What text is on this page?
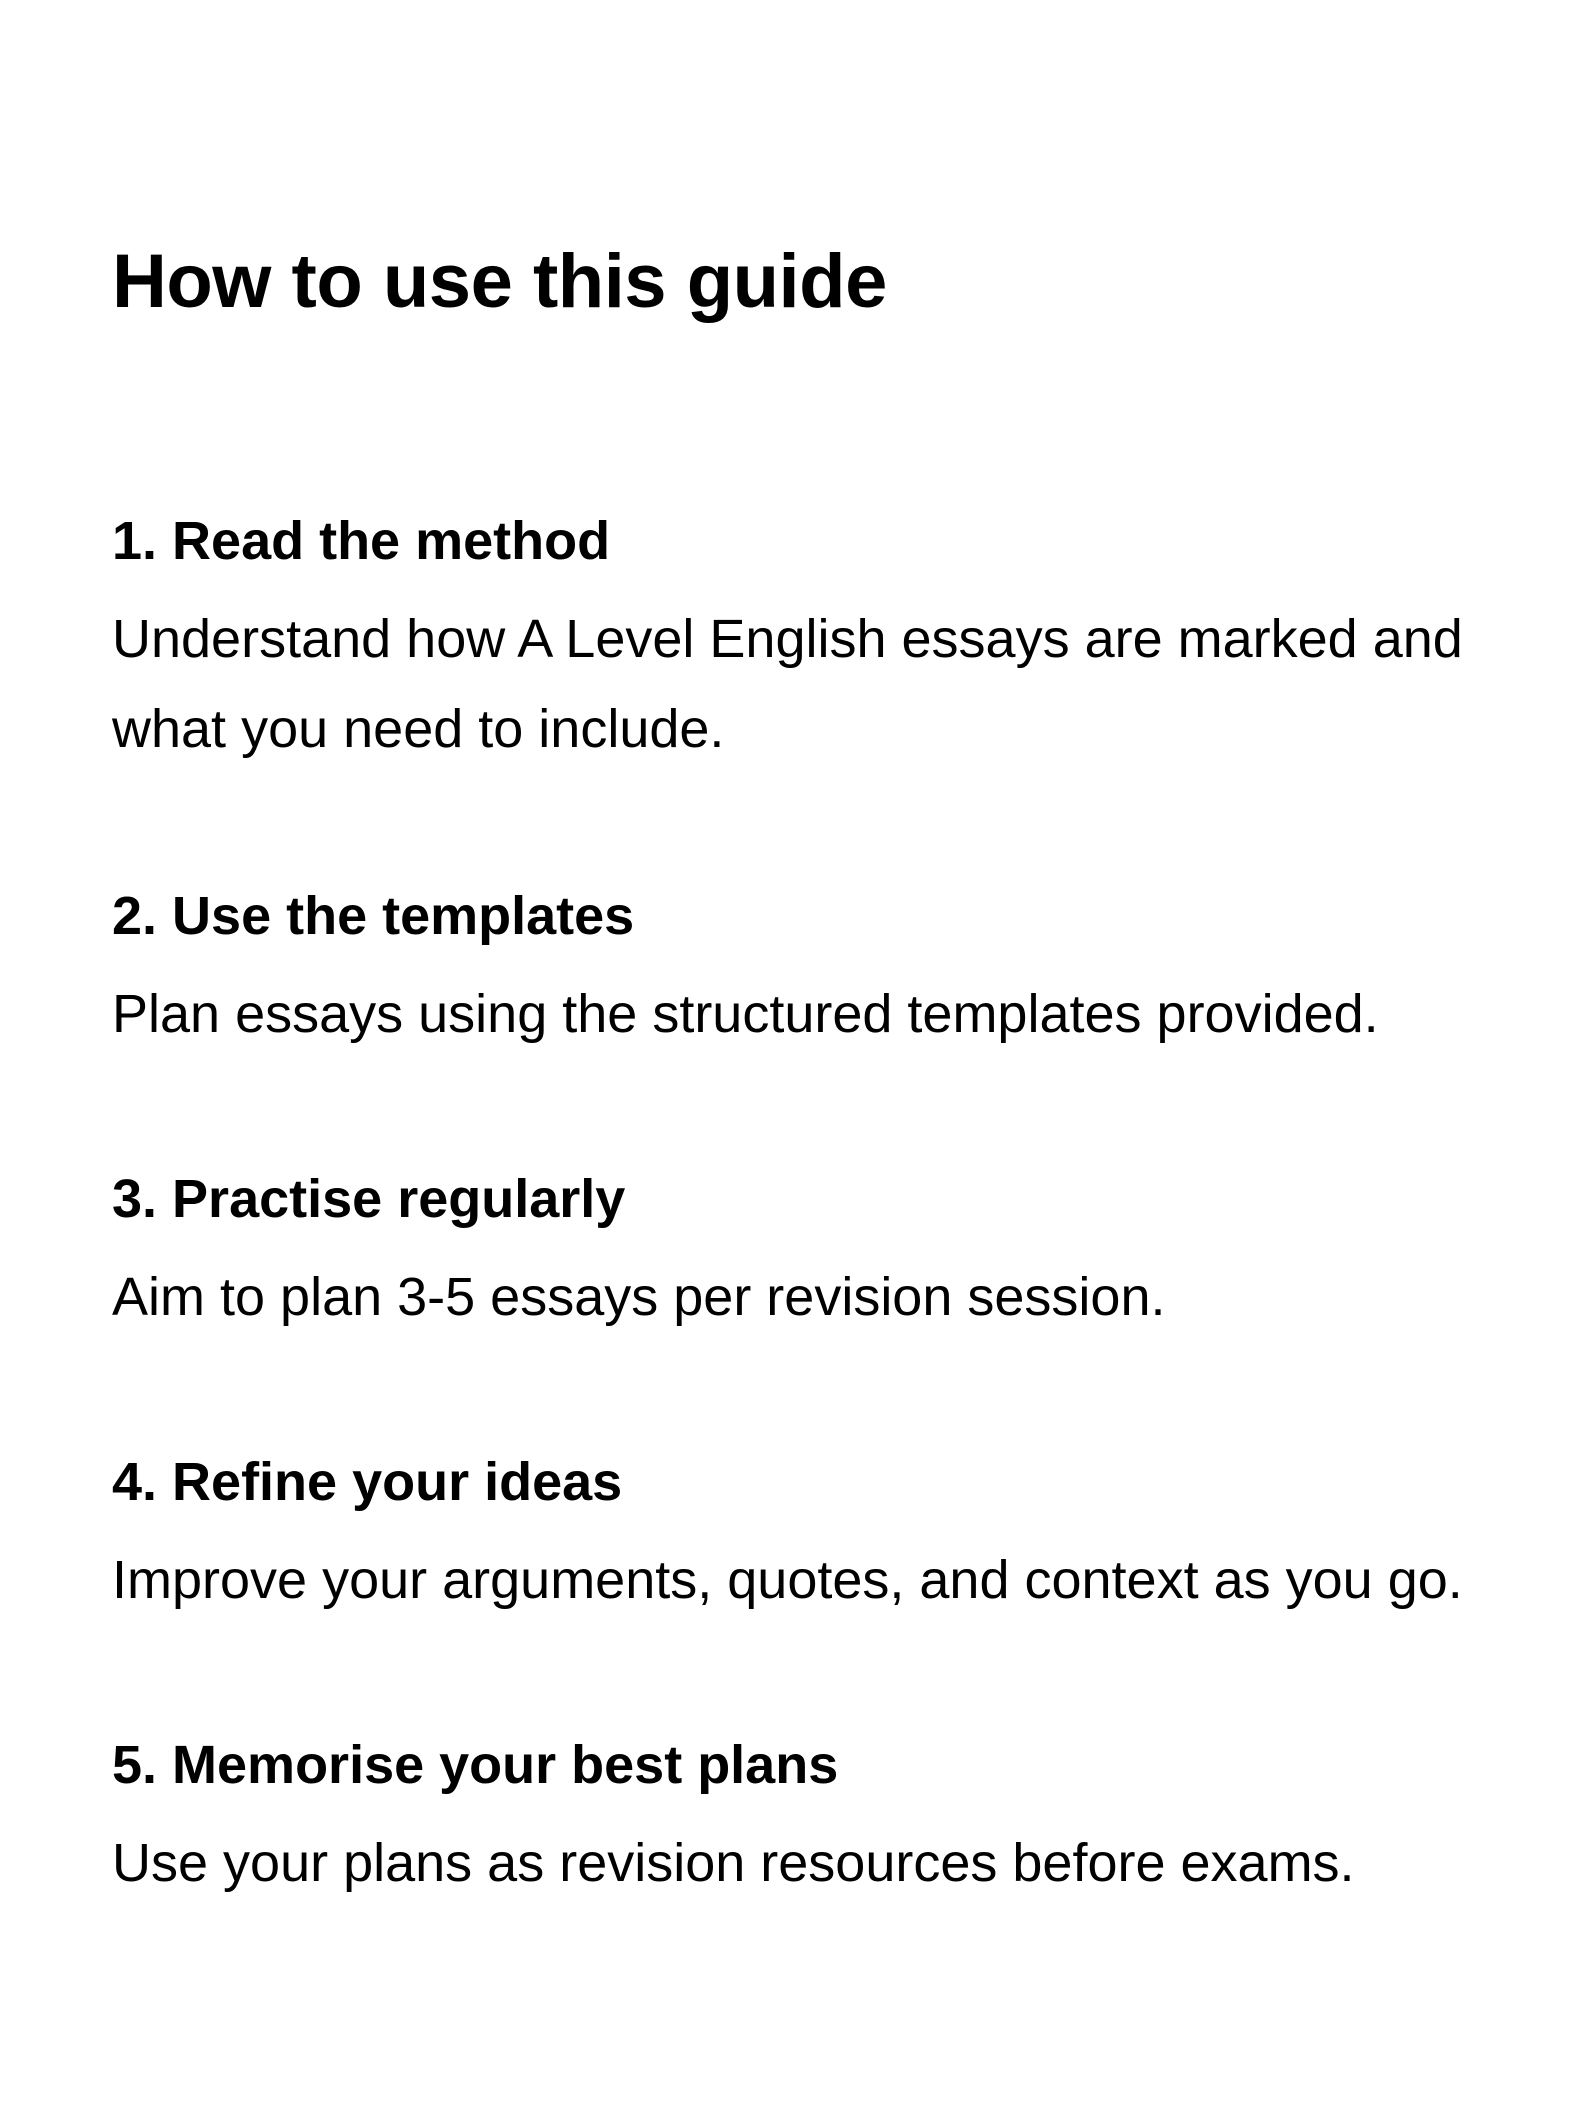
How to use this guide
1. Read the method

Understand how A Level English essays are marked and what you need to include.

2. Use the templates

Plan essays using the structured templates provided.

3. Practise regularly

Aim to plan 3-5 essays per revision session.

4. Refine your ideas

Improve your arguments, quotes, and context as you go.

5. Memorise your best plans

Use your plans as revision resources before exams.
